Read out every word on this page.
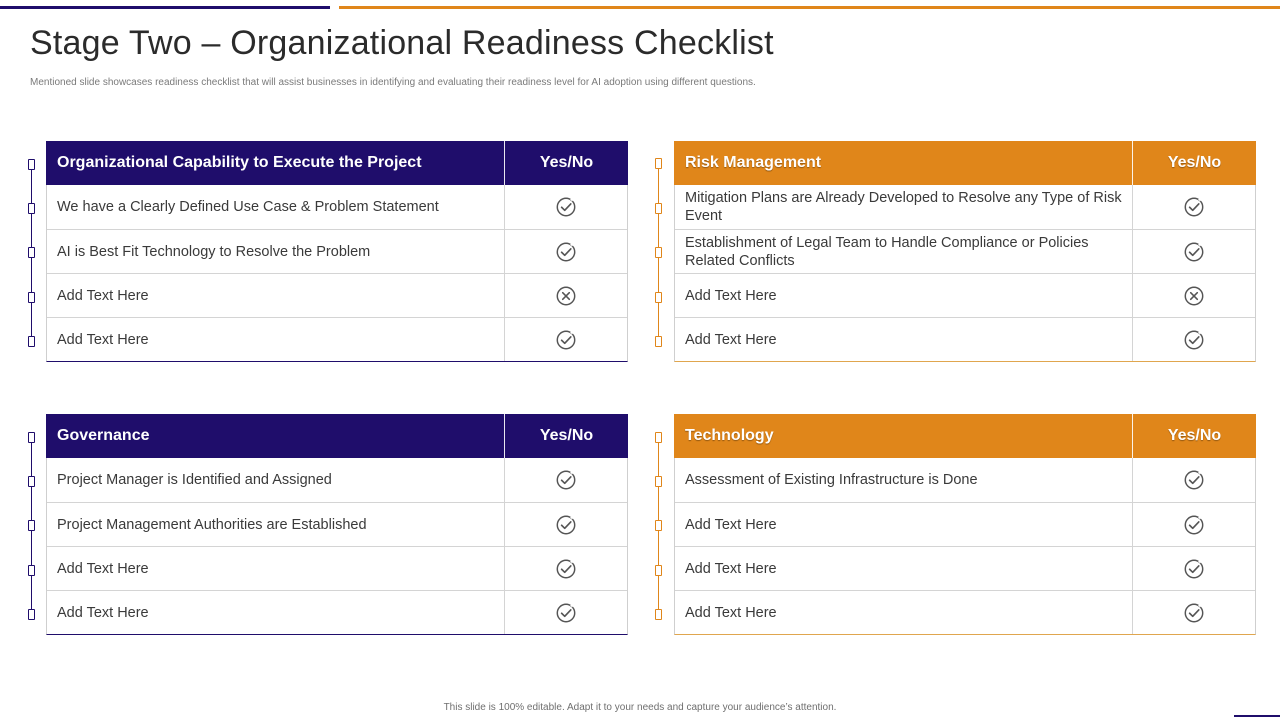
Stage Two – Organizational Readiness Checklist

Mentioned slide showcases readiness checklist that will assist businesses in identifying and evaluating their readiness level for AI adoption using different questions.

Organizational Capability to Execute the Project	Yes/No
We have a Clearly Defined Use Case & Problem Statement
AI is Best Fit Technology to Resolve the Problem
Add Text Here
Add Text Here
Risk Management	Yes/No
Mitigation Plans are Already Developed to Resolve any Type of Risk Event
Establishment of Legal Team to Handle Compliance or Policies Related Conflicts
Add Text Here
Add Text Here
Governance	Yes/No
Project Manager is Identified and Assigned
Project Management Authorities are Established
Add Text Here
Add Text Here
Technology	Yes/No
Assessment of Existing Infrastructure is Done
Add Text Here
Add Text Here
Add Text Here

This slide is 100% editable. Adapt it to your needs and capture your audience’s attention.
